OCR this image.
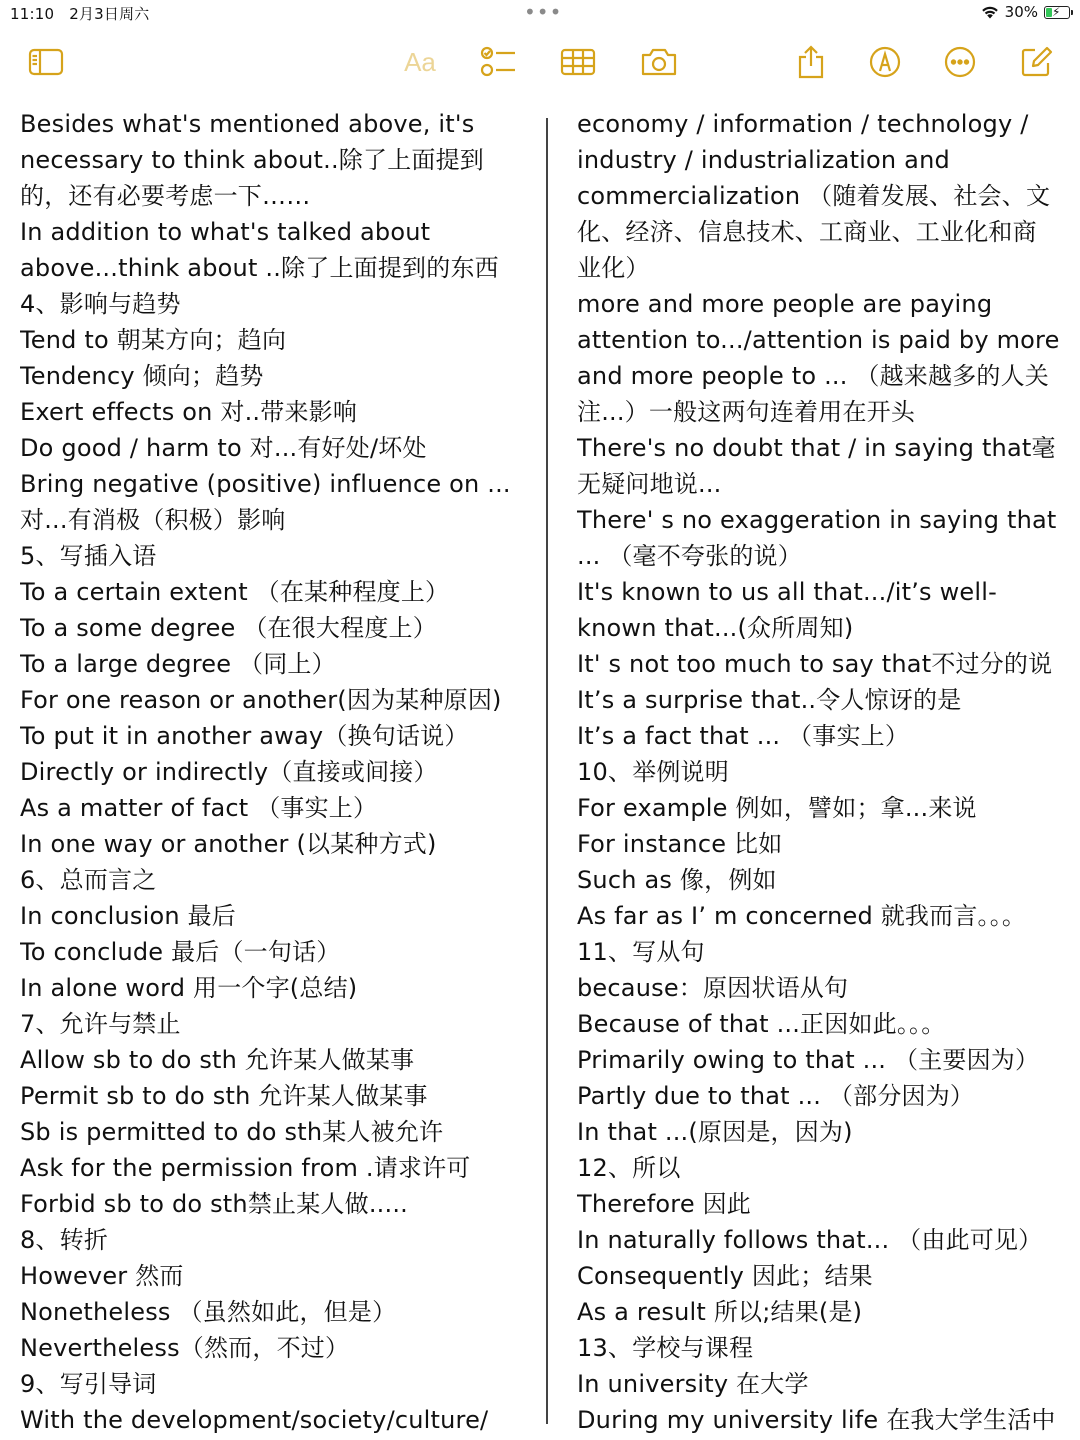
11:10 2月3日周六	•••	30% ⚡
Aa
Besides what's mentioned above, it's
necessary to think about..除了上面提到
的，还有必要考虑一下……
In addition to what's talked about
above...think about ..除了上面提到的东西
4、影响与趋势
Tend to 朝某方向；趋向
Tendency 倾向；趋势
Exert effects on 对..带来影响
Do good / harm to 对...有好处/坏处
Bring negative (positive) influence on ...
对...有消极（积极）影响
5、写插入语
To a certain extent （在某种程度上）
To a some degree （在很大程度上）
To a large degree （同上）
For one reason or another(因为某种原因)
To put it in another away（换句话说）
Directly or indirectly（直接或间接）
As a matter of fact （事实上）
In one way or another (以某种方式)
6、总而言之
In conclusion 最后
To conclude 最后（一句话）
In alone word 用一个字(总结)
7、允许与禁止
Allow sb to do sth 允许某人做某事
Permit sb to do sth 允许某人做某事
Sb is permitted to do sth某人被允许
Ask for the permission from .请求许可
Forbid sb to do sth禁止某人做.....
8、转折
However 然而
Nonetheless （虽然如此，但是）
Nevertheless（然而，不过）
9、写引导词
With the development/society/culture/
economy / information / technology /
industry / industrialization and
commercialization （随着发展、社会、文
化、经济、信息技术、工商业、工业化和商
业化）
more and more people are paying
attention to.../attention is paid by more
and more people to ... （越来越多的人关
注...）一般这两句连着用在开头
There's no doubt that / in saying that毫
无疑问地说...
There' s no exaggeration in saying that
... （毫不夸张的说）
It's known to us all that.../it’s well-
known that...(众所周知)
It' s not too much to say that不过分的说
It’s a surprise that..令人惊讶的是
It’s a fact that ... （事实上）
10、举例说明
For example 例如，譬如；拿...来说
For instance 比如
Such as 像，例如
As far as I’ m concerned 就我而言。。。
11、写从句
because：原因状语从句
Because of that ...正因如此。。。
Primarily owing to that ... （主要因为）
Partly due to that ... （部分因为）
In that ...(原因是，因为)
12、所以
Therefore 因此
In naturally follows that... （由此可见）
Consequently 因此；结果
As a result 所以;结果(是)
13、学校与课程
In university 在大学
During my university life 在我大学生活中
